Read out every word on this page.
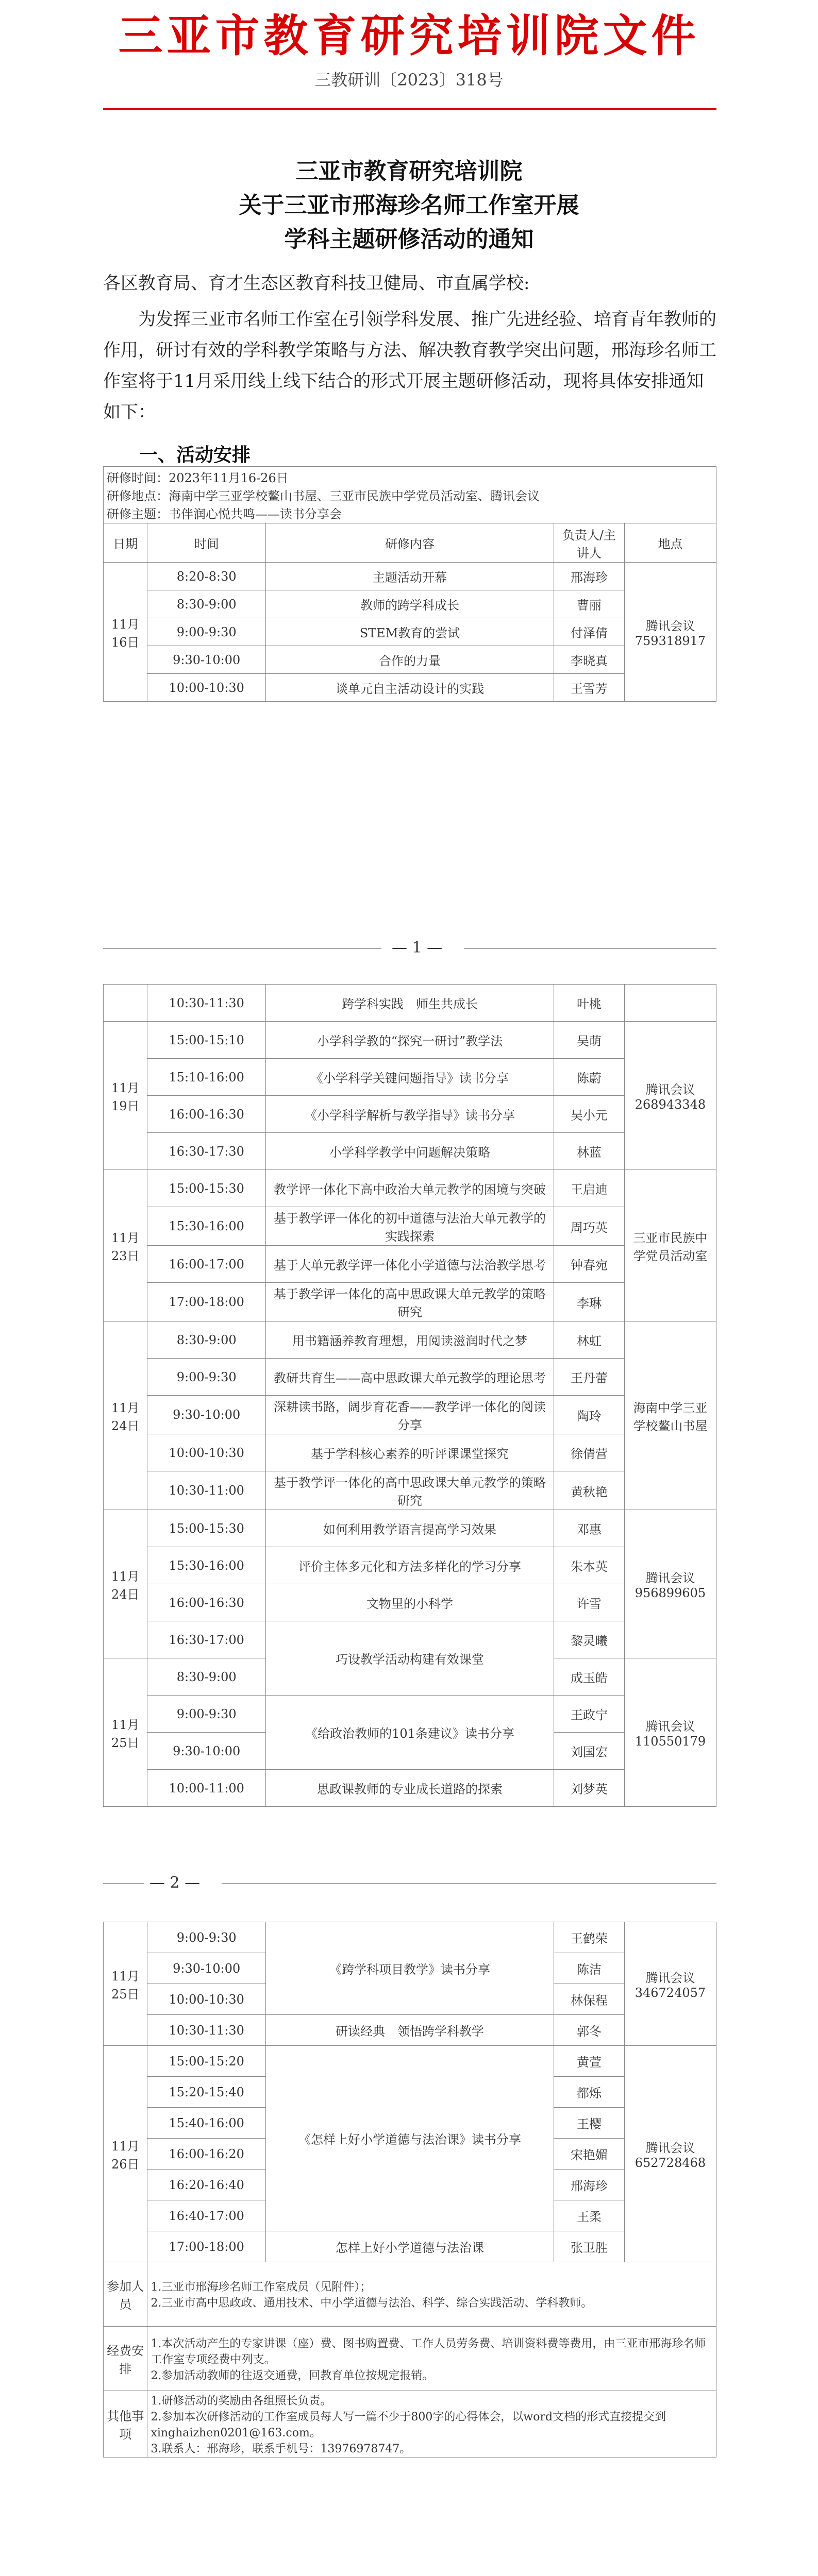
三亚市教育研究培训院文件
三教研训〔2023〕318号
三亚市教育研究培训院
关于三亚市邢海珍名师工作室开展
学科主题研修活动的通知
各区教育局、育才生态区教育科技卫健局、市直属学校:
为发挥三亚市名师工作室在引领学科发展、推广先进经验、培育青年教师的作用，研讨有效的学科教学策略与方法、解决教育教学突出问题，邢海珍名师工作室将于11月采用线上线下结合的形式开展主题研修活动，现将具体安排通知如下：
一、活动安排
研修时间：2023年11月16-26日
研修地点：海南中学三亚学校鳌山书屋、三亚市民族中学党员活动室、腾讯会议
研修主题：书伴润心悦共鸣——读书分享会				

日期	时间	研修内容	负责人/主讲人	地点
11月16日	8:20-8:30	主题活动开幕	邢海珍	腾讯会议759318917
	8:30-9:00	教师的跨学科成长	曹丽	
	9:00-9:30	STEM教育的尝试	付泽倩	
	9:30-10:00	合作的力量	李晓真	
	10:00-10:30	谈单元自主活动设计的实践	王雪芳	
— 1 —
	10:30-11:30	跨学科实践　师生共成长	叶桃	
11月19日	15:00-15:10	小学科学教的“探究一研讨”教学法	吴萌	腾讯会议268943348
	15:10-16:00	《小学科学关键问题指导》读书分享	陈蔚	
	16:00-16:30	《小学科学解析与教学指导》读书分享	吴小元	
	16:30-17:30	小学科学教学中问题解决策略	林蓝	
11月23日	15:00-15:30	教学评一体化下高中政治大单元教学的困境与突破	王启迪	三亚市民族中学党员活动室
	15:30-16:00	基于教学评一体化的初中道德与法治大单元教学的实践探索	周巧英	
	16:00-17:00	基于大单元教学评一体化小学道德与法治教学思考	钟春宛	
	17:00-18:00	基于教学评一体化的高中思政课大单元教学的策略研究	李琳	
11月24日	8:30-9:00	用书籍涵养教育理想，用阅读滋润时代之梦	林虹	海南中学三亚学校鳌山书屋
	9:00-9:30	教研共育生——高中思政课大单元教学的理论思考	王丹蕾	
	9:30-10:00	深耕读书路，阔步育花香——教学评一体化的阅读分享	陶玲	
	10:00-10:30	基于学科核心素养的听评课课堂探究	徐倩营	
	10:30-11:00	基于教学评一体化的高中思政课大单元教学的策略研究	黄秋艳	
11月24日	15:00-15:30	如何利用教学语言提高学习效果	邓惠	腾讯会议956899605
	15:30-16:00	评价主体多元化和方法多样化的学习分享	朱本英	
	16:00-16:30	文物里的小科学	许雪	
	16:30-17:00	巧设教学活动构建有效课堂	黎灵曦	
11月25日	8:30-9:00		成玉皓	腾讯会议110550179
	9:00-9:30	《给政治教师的101条建议》读书分享	王政宁	
	9:30-10:00		刘国宏	
	10:00-11:00	思政课教师的专业成长道路的探索	刘梦英	
— 2 —
11月25日	9:00-9:30	《跨学科项目教学》读书分享	王鹤荣	腾讯会议346724057
	9:30-10:00		陈洁	
	10:00-10:30		林保程	
	10:30-11:30	研读经典　领悟跨学科教学	郭冬	
11月26日	15:00-15:20	《怎样上好小学道德与法治课》读书分享	黄萱	腾讯会议652728468
	15:20-15:40		都烁	
	15:40-16:00		王樱	
	16:00-16:20		宋艳媚	
	16:20-16:40		邢海珍	
	16:40-17:00		王柔	
	17:00-18:00	怎样上好小学道德与法治课	张卫胜	
参加人员	1.三亚市邢海珍名师工作室成员（见附件）；
2.三亚市高中思政政、通用技术、中小学道德与法治、科学、综合实践活动、学科教师。			
经费安排	1.本次活动产生的专家讲课（座）费、图书购置费、工作人员劳务费、培训资料费等费用，由三亚市邢海珍名师工作室专项经费中列支。
2.参加活动教师的往返交通费，回教育单位按规定报销。			
其他事项	1.研修活动的奖励由各组照长负责。
2.参加本次研修活动的工作室成员每人写一篇不少于800字的心得体会，以word文档的形式直接提交到 xinghaizhen0201@163.com。
3.联系人：邢海珍，联系手机号：13976978747。			
